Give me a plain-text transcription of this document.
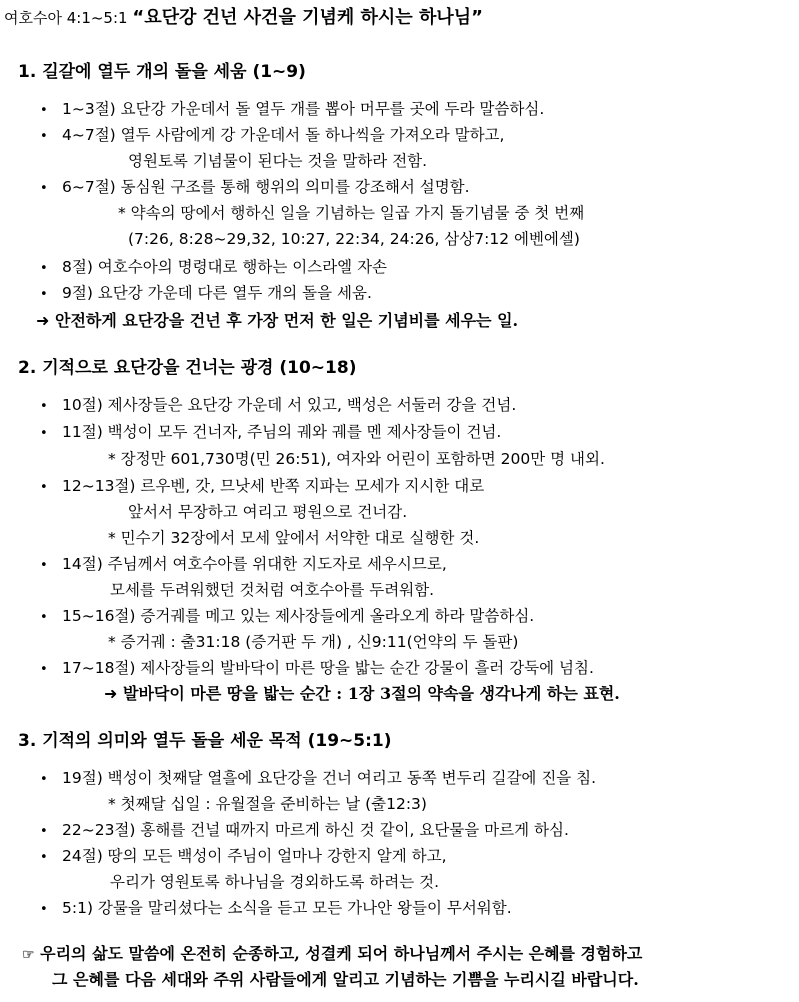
여호수아 4:1~5:1 “요단강 건넌 사건을 기념케 하시는 하나님”
1. 길갈에 열두 개의 돌을 세움 (1~9)
• 1~3절) 요단강 가운데서 돌 열두 개를 뽑아 머무를 곳에 두라 말씀하심.
• 4~7절) 열두 사람에게 강 가운데서 돌 하나씩을 가져오라 말하고,
영원토록 기념물이 된다는 것을 말하라 전함.
• 6~7절) 동심원 구조를 통해 행위의 의미를 강조해서 설명함.
* 약속의 땅에서 행하신 일을 기념하는 일곱 가지 돌기념물 중 첫 번째
(7:26, 8:28~29,32, 10:27, 22:34, 24:26, 삼상7:12 에벤에셀)
• 8절) 여호수아의 명령대로 행하는 이스라엘 자손
• 9절) 요단강 가운데 다른 열두 개의 돌을 세움.
➜ 안전하게 요단강을 건넌 후 가장 먼저 한 일은 기념비를 세우는 일.
2. 기적으로 요단강을 건너는 광경 (10~18)
• 10절) 제사장들은 요단강 가운데 서 있고, 백성은 서둘러 강을 건넘.
• 11절) 백성이 모두 건너자, 주님의 궤와 궤를 멘 제사장들이 건넘.
* 장정만 601,730명(민 26:51), 여자와 어린이 포함하면 200만 명 내외.
• 12~13절) 르우벤, 갓, 므낫세 반쪽 지파는 모세가 지시한 대로
앞서서 무장하고 여리고 평원으로 건너감.
* 민수기 32장에서 모세 앞에서 서약한 대로 실행한 것.
• 14절) 주님께서 여호수아를 위대한 지도자로 세우시므로,
모세를 두려워했던 것처럼 여호수아를 두려워함.
• 15~16절) 증거궤를 메고 있는 제사장들에게 올라오게 하라 말씀하심.
* 증거궤 : 출31:18 (증거판 두 개) , 신9:11(언약의 두 돌판)
• 17~18절) 제사장들의 발바닥이 마른 땅을 밟는 순간 강물이 흘러 강둑에 넘침.
➜ 발바닥이 마른 땅을 밟는 순간 : 1장 3절의 약속을 생각나게 하는 표현.
3. 기적의 의미와 열두 돌을 세운 목적 (19~5:1)
• 19절) 백성이 첫째달 열흘에 요단강을 건너 여리고 동쪽 변두리 길갈에 진을 침.
* 첫째달 십일 : 유월절을 준비하는 날 (출12:3)
• 22~23절) 홍해를 건널 때까지 마르게 하신 것 같이, 요단물을 마르게 하심.
• 24절) 땅의 모든 백성이 주님이 얼마나 강한지 알게 하고,
우리가 영원토록 하나님을 경외하도록 하려는 것.
• 5:1) 강물을 말리셨다는 소식을 듣고 모든 가나안 왕들이 무서워함.
☞ 우리의 삶도 말씀에 온전히 순종하고, 성결케 되어 하나님께서 주시는 은혜를 경험하고
그 은혜를 다음 세대와 주위 사람들에게 알리고 기념하는 기쁨을 누리시길 바랍니다.
